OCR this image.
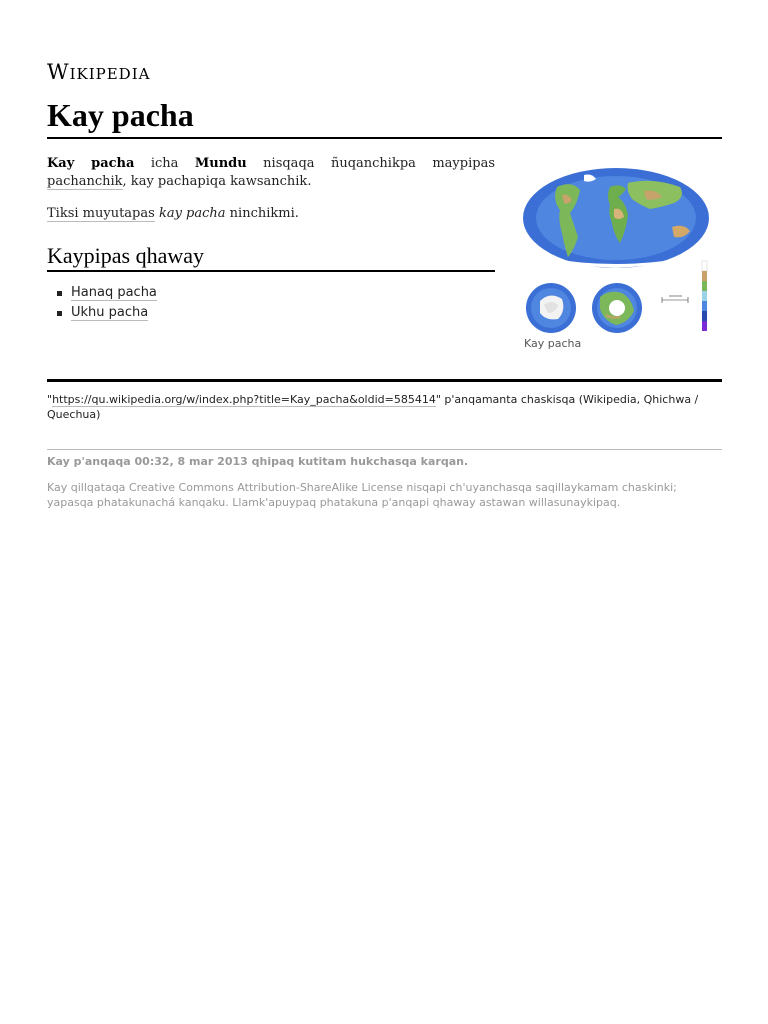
Wikipedia
Kay pacha

Kay pacha icha Mundu nisqaqa ñuqanchikpa maypipas pachanchik, kay pachapiqa kawsanchik.

Tiksi muyutapas kay pacha ninchikmi.

Kaypipas qhaway
Hanaq pacha
Ukhu pacha
Kay pacha
"https://qu.wikipedia.org/w/index.php?title=Kay_pacha&oldid=585414" p'anqamanta chaskisqa (Wikipedia, Qhichwa / Quechua)
Kay p'anqaqa 00:32, 8 mar 2013 qhipaq kutitam hukchasqa karqan.
Kay qillqataqa Creative Commons Attribution-ShareAlike License nisqapi ch'uyanchasqa saqillaykamam chaskinki; yapasqa phatakunachá kanqaku. Llamk'apuypaq phatakuna p'anqapi qhaway astawan willasunaykipaq.
